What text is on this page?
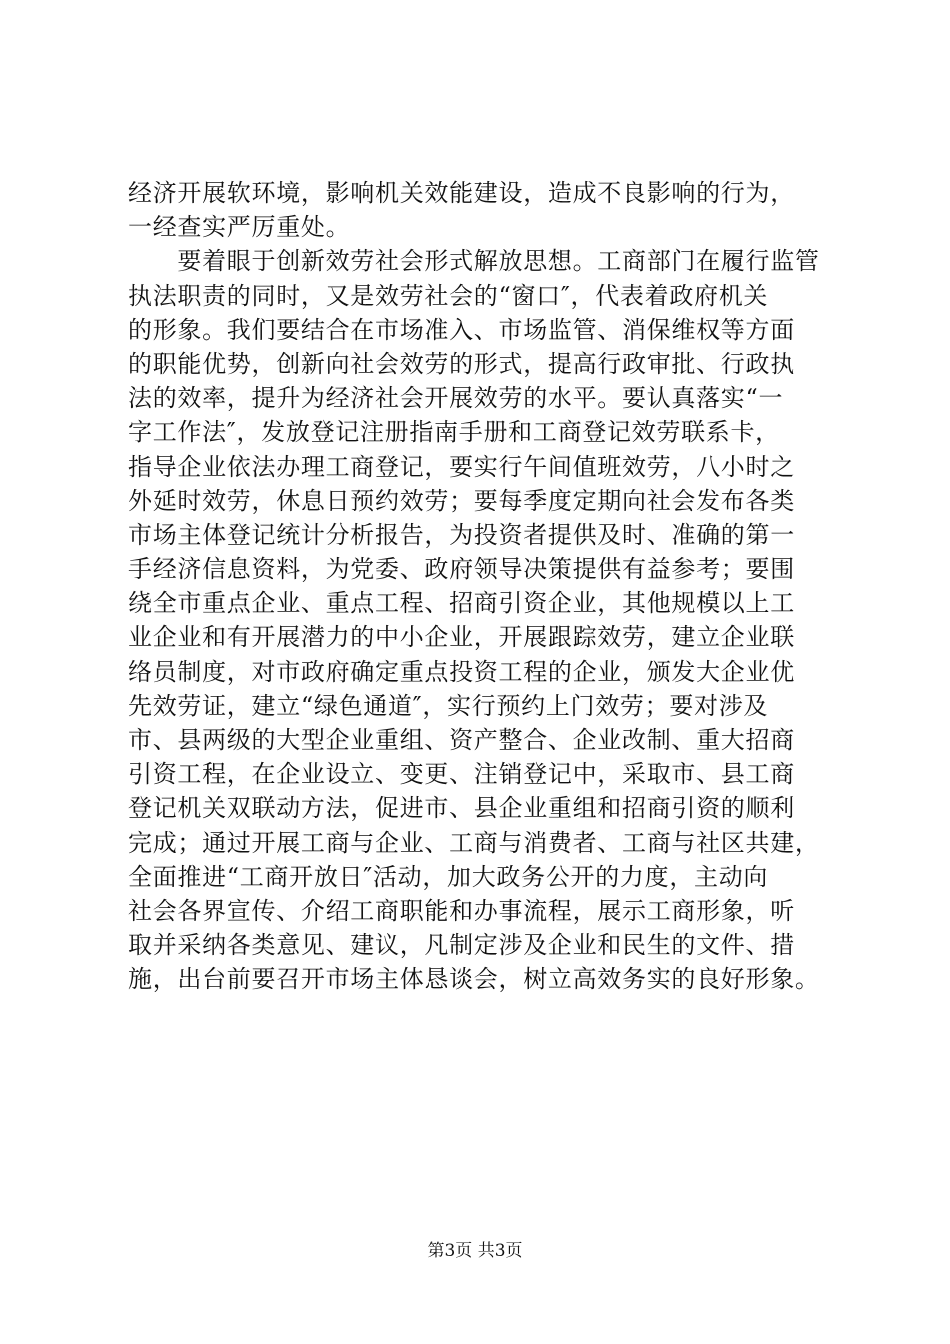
经济开展软环境，影响机关效能建设，造成不良影响的行为，
一经查实严厉重处。
　　要着眼于创新效劳社会形式解放思想。工商部门在履行监管
执法职责的同时，又是效劳社会的“窗口″，代表着政府机关
的形象。我们要结合在市场准入、市场监管、消保维权等方面
的职能优势，创新向社会效劳的形式，提高行政审批、行政执
法的效率，提升为经济社会开展效劳的水平。要认真落实“一
字工作法″，发放登记注册指南手册和工商登记效劳联系卡，
指导企业依法办理工商登记，要实行午间值班效劳，八小时之
外延时效劳，休息日预约效劳；要每季度定期向社会发布各类
市场主体登记统计分析报告，为投资者提供及时、准确的第一
手经济信息资料，为党委、政府领导决策提供有益参考；要围
绕全市重点企业、重点工程、招商引资企业，其他规模以上工
业企业和有开展潜力的中小企业，开展跟踪效劳，建立企业联
络员制度，对市政府确定重点投资工程的企业，颁发大企业优
先效劳证，建立“绿色通道″，实行预约上门效劳；要对涉及
市、县两级的大型企业重组、资产整合、企业改制、重大招商
引资工程，在企业设立、变更、注销登记中，采取市、县工商
登记机关双联动方法，促进市、县企业重组和招商引资的顺利
完成；通过开展工商与企业、工商与消费者、工商与社区共建，
全面推进“工商开放日″活动，加大政务公开的力度，主动向
社会各界宣传、介绍工商职能和办事流程，展示工商形象，听
取并采纳各类意见、建议，凡制定涉及企业和民生的文件、措
施，出台前要召开市场主体恳谈会，树立高效务实的良好形象。
第3页 共3页
